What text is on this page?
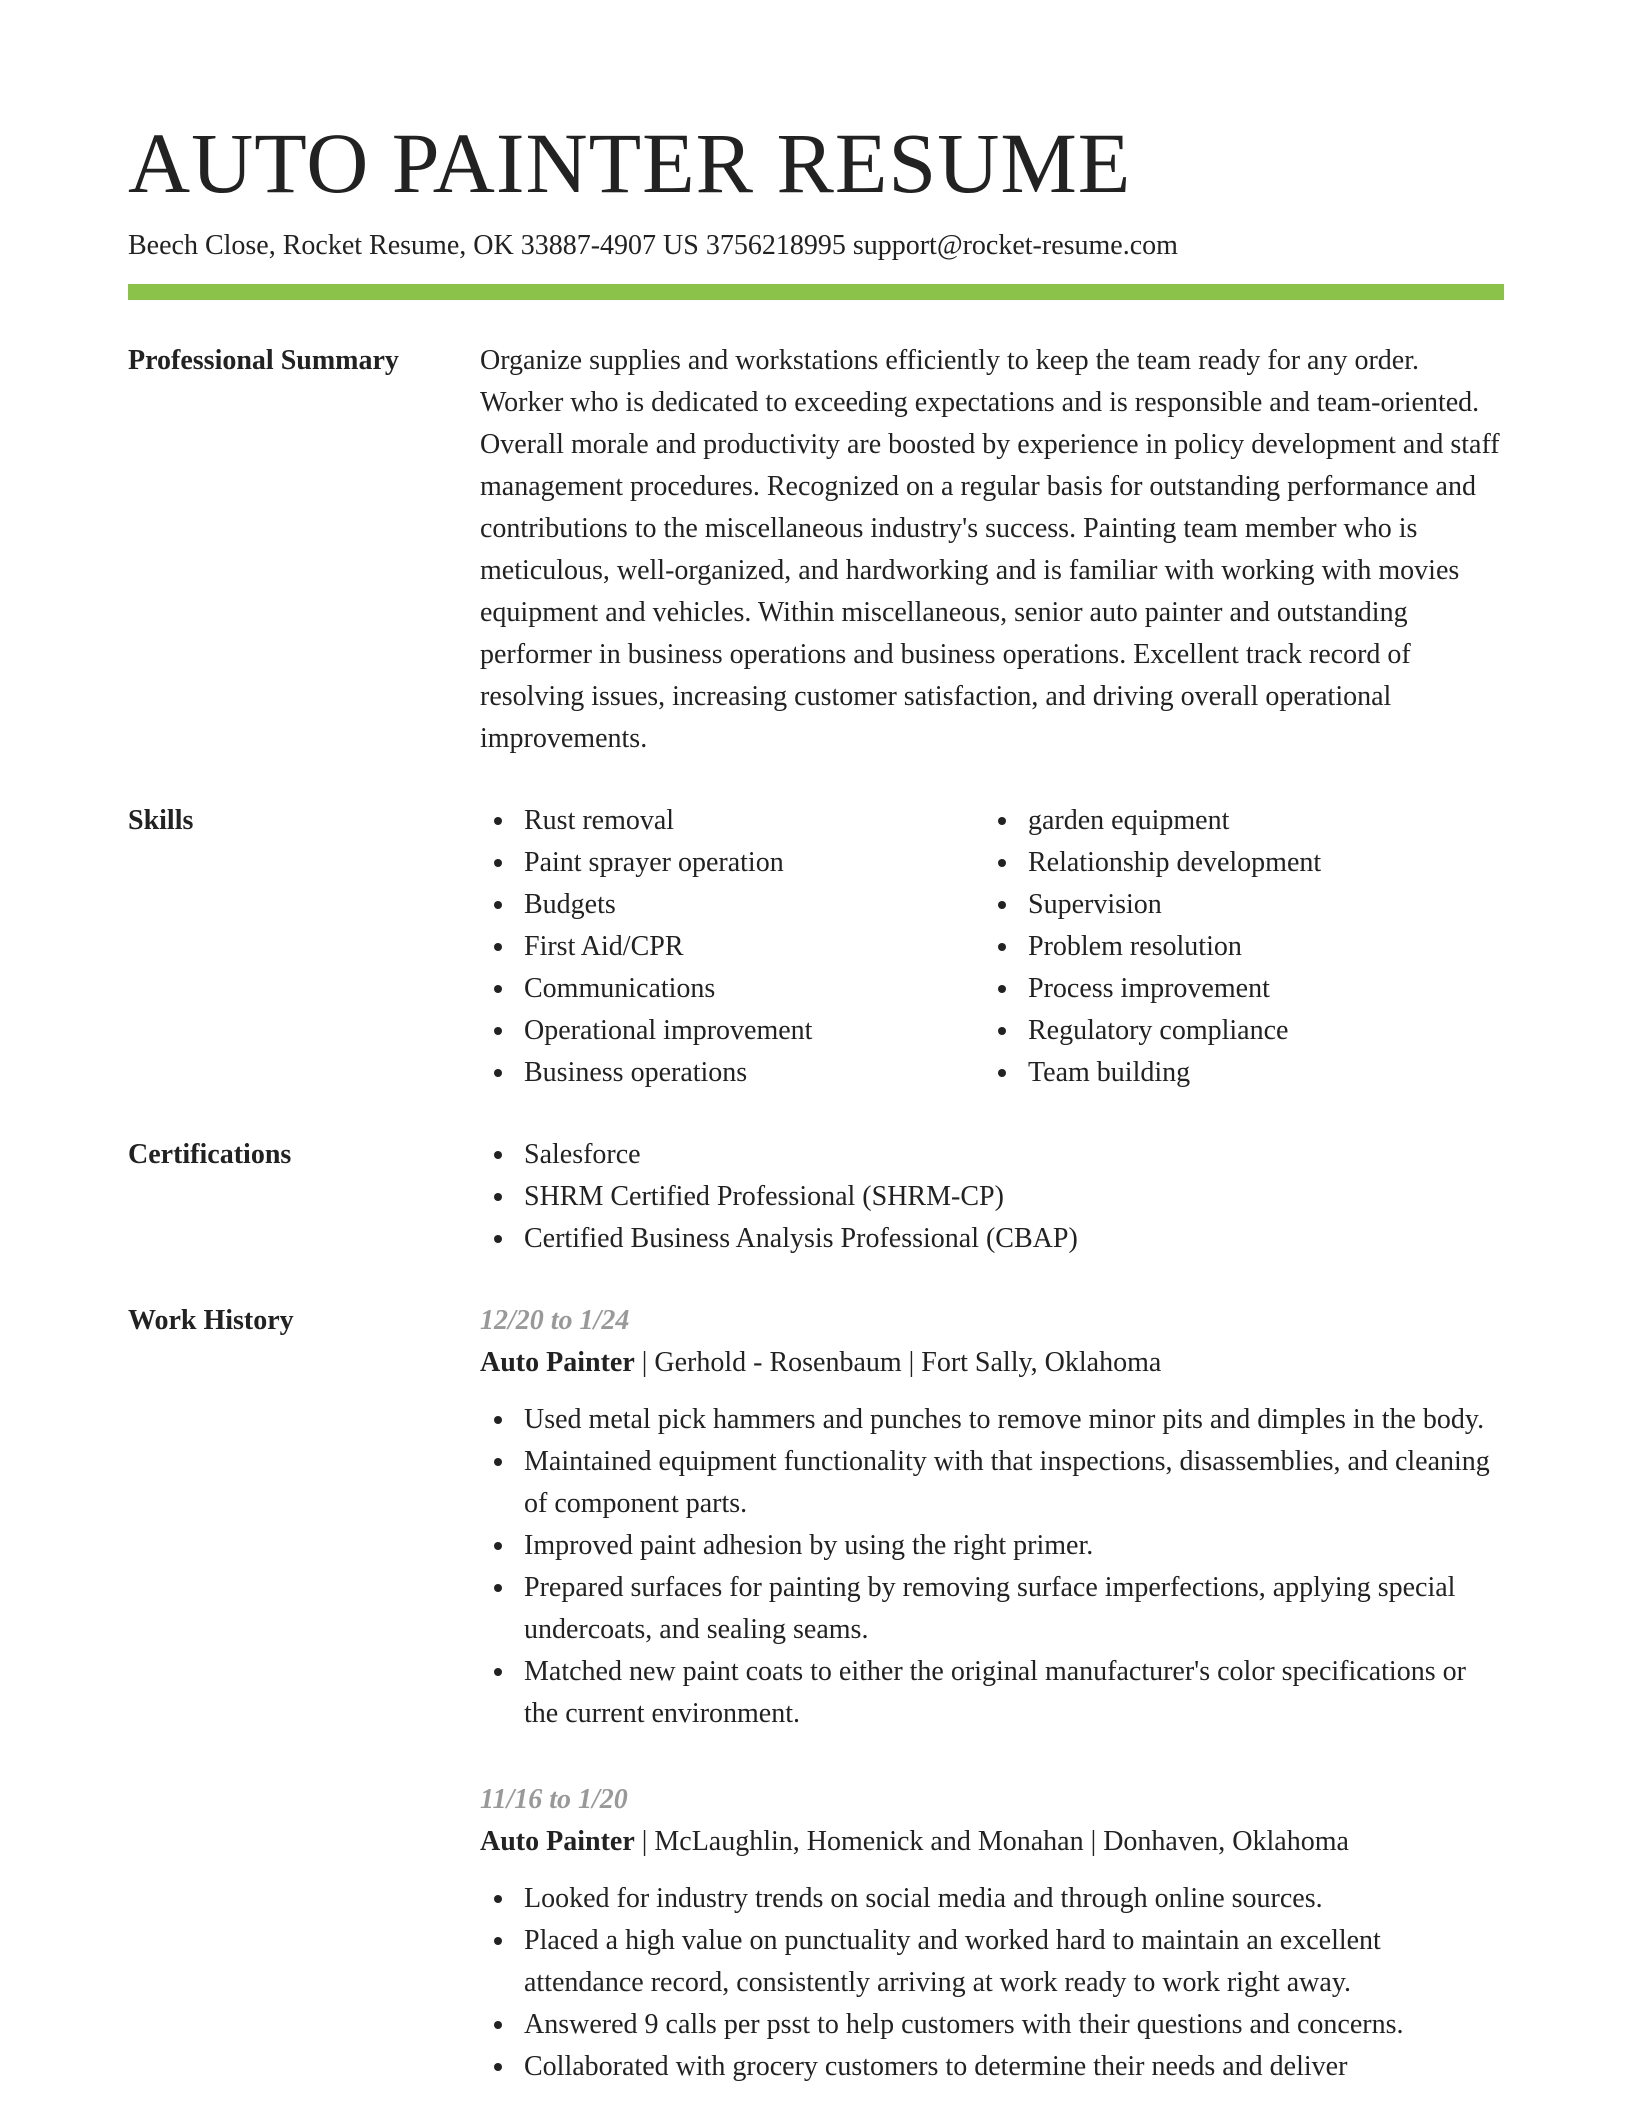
AUTO PAINTER RESUME
Beech Close, Rocket Resume, OK 33887-4907 US 3756218995 support@rocket-resume.com
Professional Summary	Organize supplies and workstations efficiently to keep the team ready for any order. Worker who is dedicated to exceeding expectations and is responsible and team-oriented. Overall morale and productivity are boosted by experience in policy development and staff management procedures. Recognized on a regular basis for outstanding performance and contributions to the miscellaneous industry's success. Painting team member who is meticulous, well-organized, and hardworking and is familiar with working with movies equipment and vehicles. Within miscellaneous, senior auto painter and outstanding performer in business operations and business operations. Excellent track record of resolving issues, increasing customer satisfaction, and driving overall operational improvements.

Skills	Rust removal
Paint sprayer operation
Budgets
First Aid/CPR
Communications
Operational improvement
Business operations
garden equipment
Relationship development
Supervision
Problem resolution
Process improvement
Regulatory compliance
Team building
Certifications	Salesforce
SHRM Certified Professional (SHRM-CP)
Certified Business Analysis Professional (CBAP)
Work History	12/20 to 1/24
Auto Painter | Gerhold - Rosenbaum | Fort Sally, Oklahoma
Used metal pick hammers and punches to remove minor pits and dimples in the body.
Maintained equipment functionality with that inspections, disassemblies, and cleaning of component parts.
Improved paint adhesion by using the right primer.
Prepared surfaces for painting by removing surface imperfections, applying special undercoats, and sealing seams.
Matched new paint coats to either the original manufacturer's color specifications or the current environment.
11/16 to 1/20
Auto Painter | McLaughlin, Homenick and Monahan | Donhaven, Oklahoma
Looked for industry trends on social media and through online sources.
Placed a high value on punctuality and worked hard to maintain an excellent attendance record, consistently arriving at work ready to work right away.
Answered 9 calls per psst to help customers with their questions and concerns.
Collaborated with grocery customers to determine their needs and deliver
